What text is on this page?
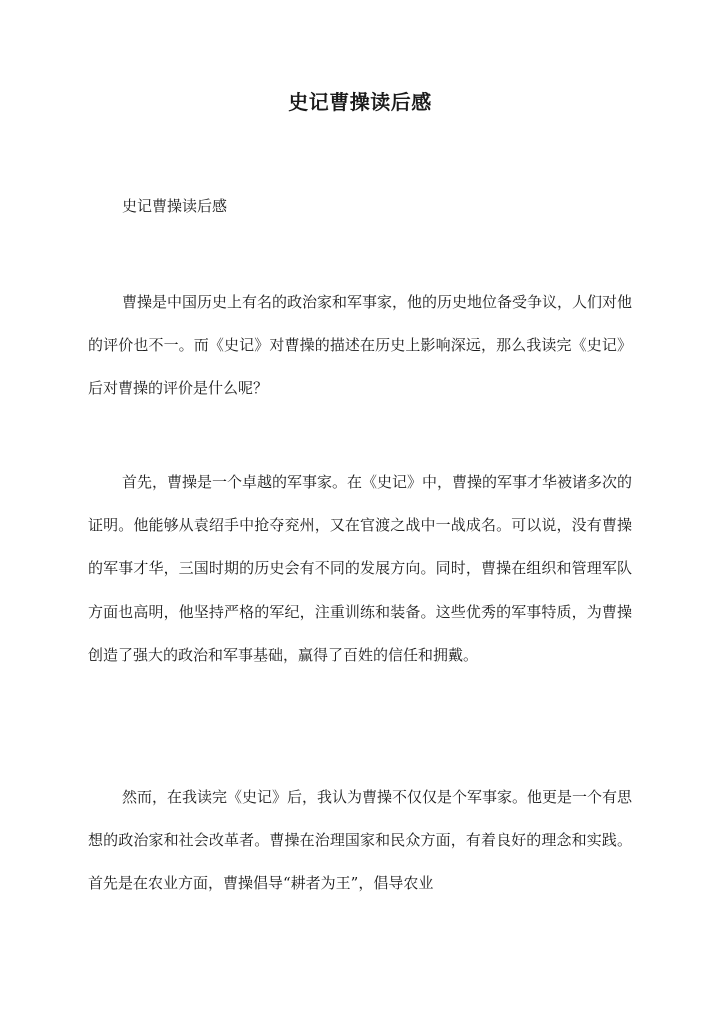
史记曹操读后感

史记曹操读后感

曹操是中国历史上有名的政治家和军事家，他的历史地位备受争议，人们对他的评价也不一。而《史记》对曹操的描述在历史上影响深远，那么我读完《史记》后对曹操的评价是什么呢？

首先，曹操是一个卓越的军事家。在《史记》中，曹操的军事才华被诸多次的证明。他能够从袁绍手中抢夺兖州，又在官渡之战中一战成名。可以说，没有曹操的军事才华，三国时期的历史会有不同的发展方向。同时，曹操在组织和管理军队方面也高明，他坚持严格的军纪，注重训练和装备。这些优秀的军事特质，为曹操创造了强大的政治和军事基础，赢得了百姓的信任和拥戴。

然而，在我读完《史记》后，我认为曹操不仅仅是个军事家。他更是一个有思想的政治家和社会改革者。曹操在治理国家和民众方面，有着良好的理念和实践。首先是在农业方面，曹操倡导“耕者为王”，倡导农业
